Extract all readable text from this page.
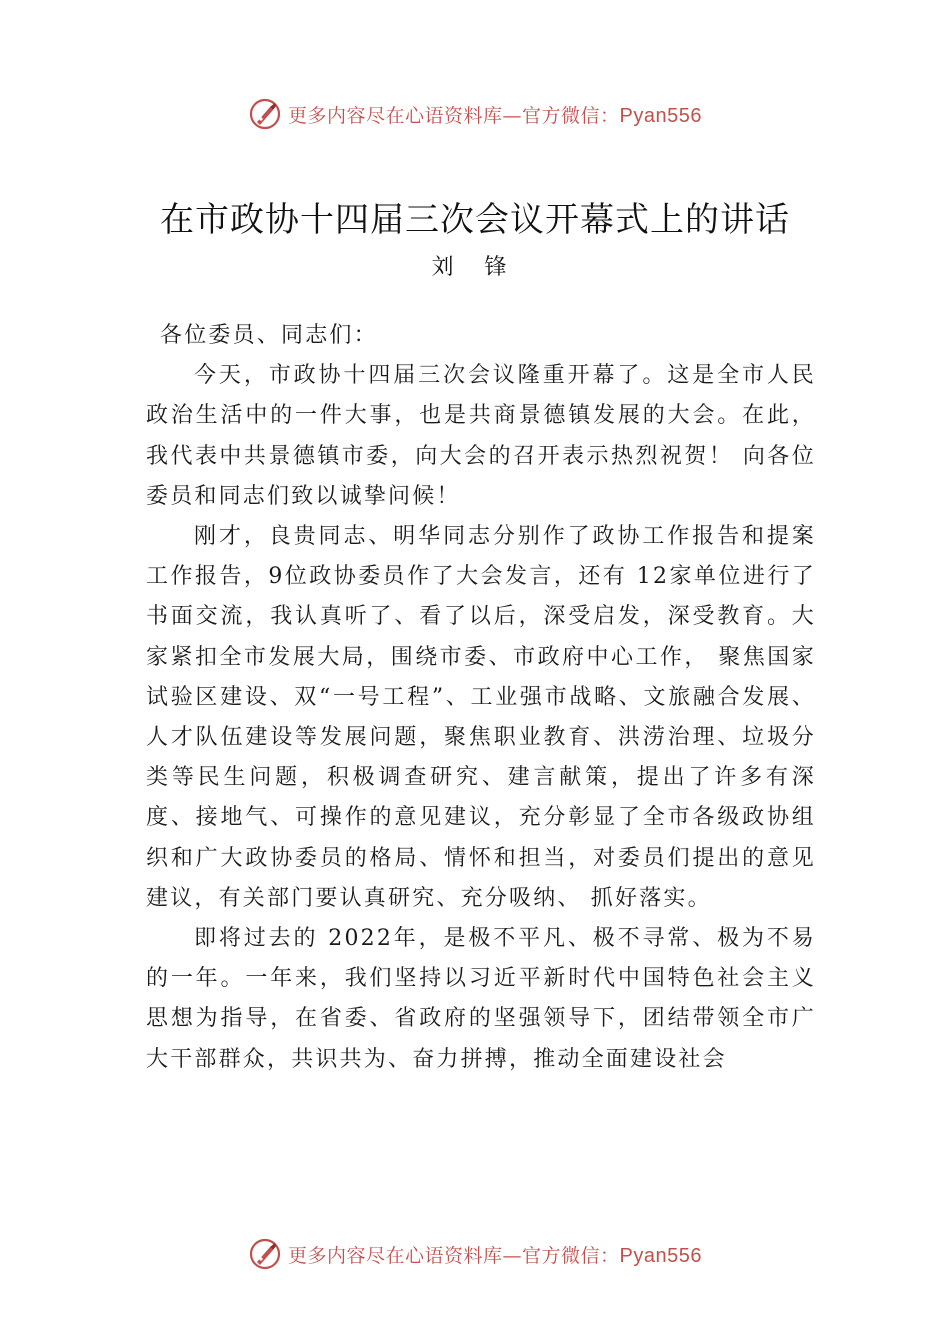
更多内容尽在心语资料库—官方微信：Pyan556
在市政协十四届三次会议开幕式上的讲话
刘 锋

各位委员、同志们：

今天，市政协十四届三次会议隆重开幕了。这是全市人民政治生活中的一件大事，也是共商景德镇发展的大会。在此，我代表中共景德镇市委，向大会的召开表示热烈祝贺！ 向各位委员和同志们致以诚挚问候！

刚才，良贵同志、明华同志分别作了政协工作报告和提案工作报告，9位政协委员作了大会发言，还有 12家单位进行了书面交流，我认真听了、看了以后，深受启发，深受教育。大家紧扣全市发展大局，围绕市委、市政府中心工作， 聚焦国家试验区建设、双“一号工程”、工业强市战略、文旅融合发展、人才队伍建设等发展问题，聚焦职业教育、洪涝治理、垃圾分类等民生问题，积极调查研究、建言献策，提出了许多有深度、接地气、可操作的意见建议，充分彰显了全市各级政协组织和广大政协委员的格局、情怀和担当，对委员们提出的意见建议，有关部门要认真研究、充分吸纳、 抓好落实。

即将过去的 2022年，是极不平凡、极不寻常、极为不易的一年。一年来，我们坚持以习近平新时代中国特色社会主义思想为指导，在省委、省政府的坚强领导下，团结带领全市广大干部群众，共识共为、奋力拼搏，推动全面建设社会

更多内容尽在心语资料库—官方微信：Pyan556
